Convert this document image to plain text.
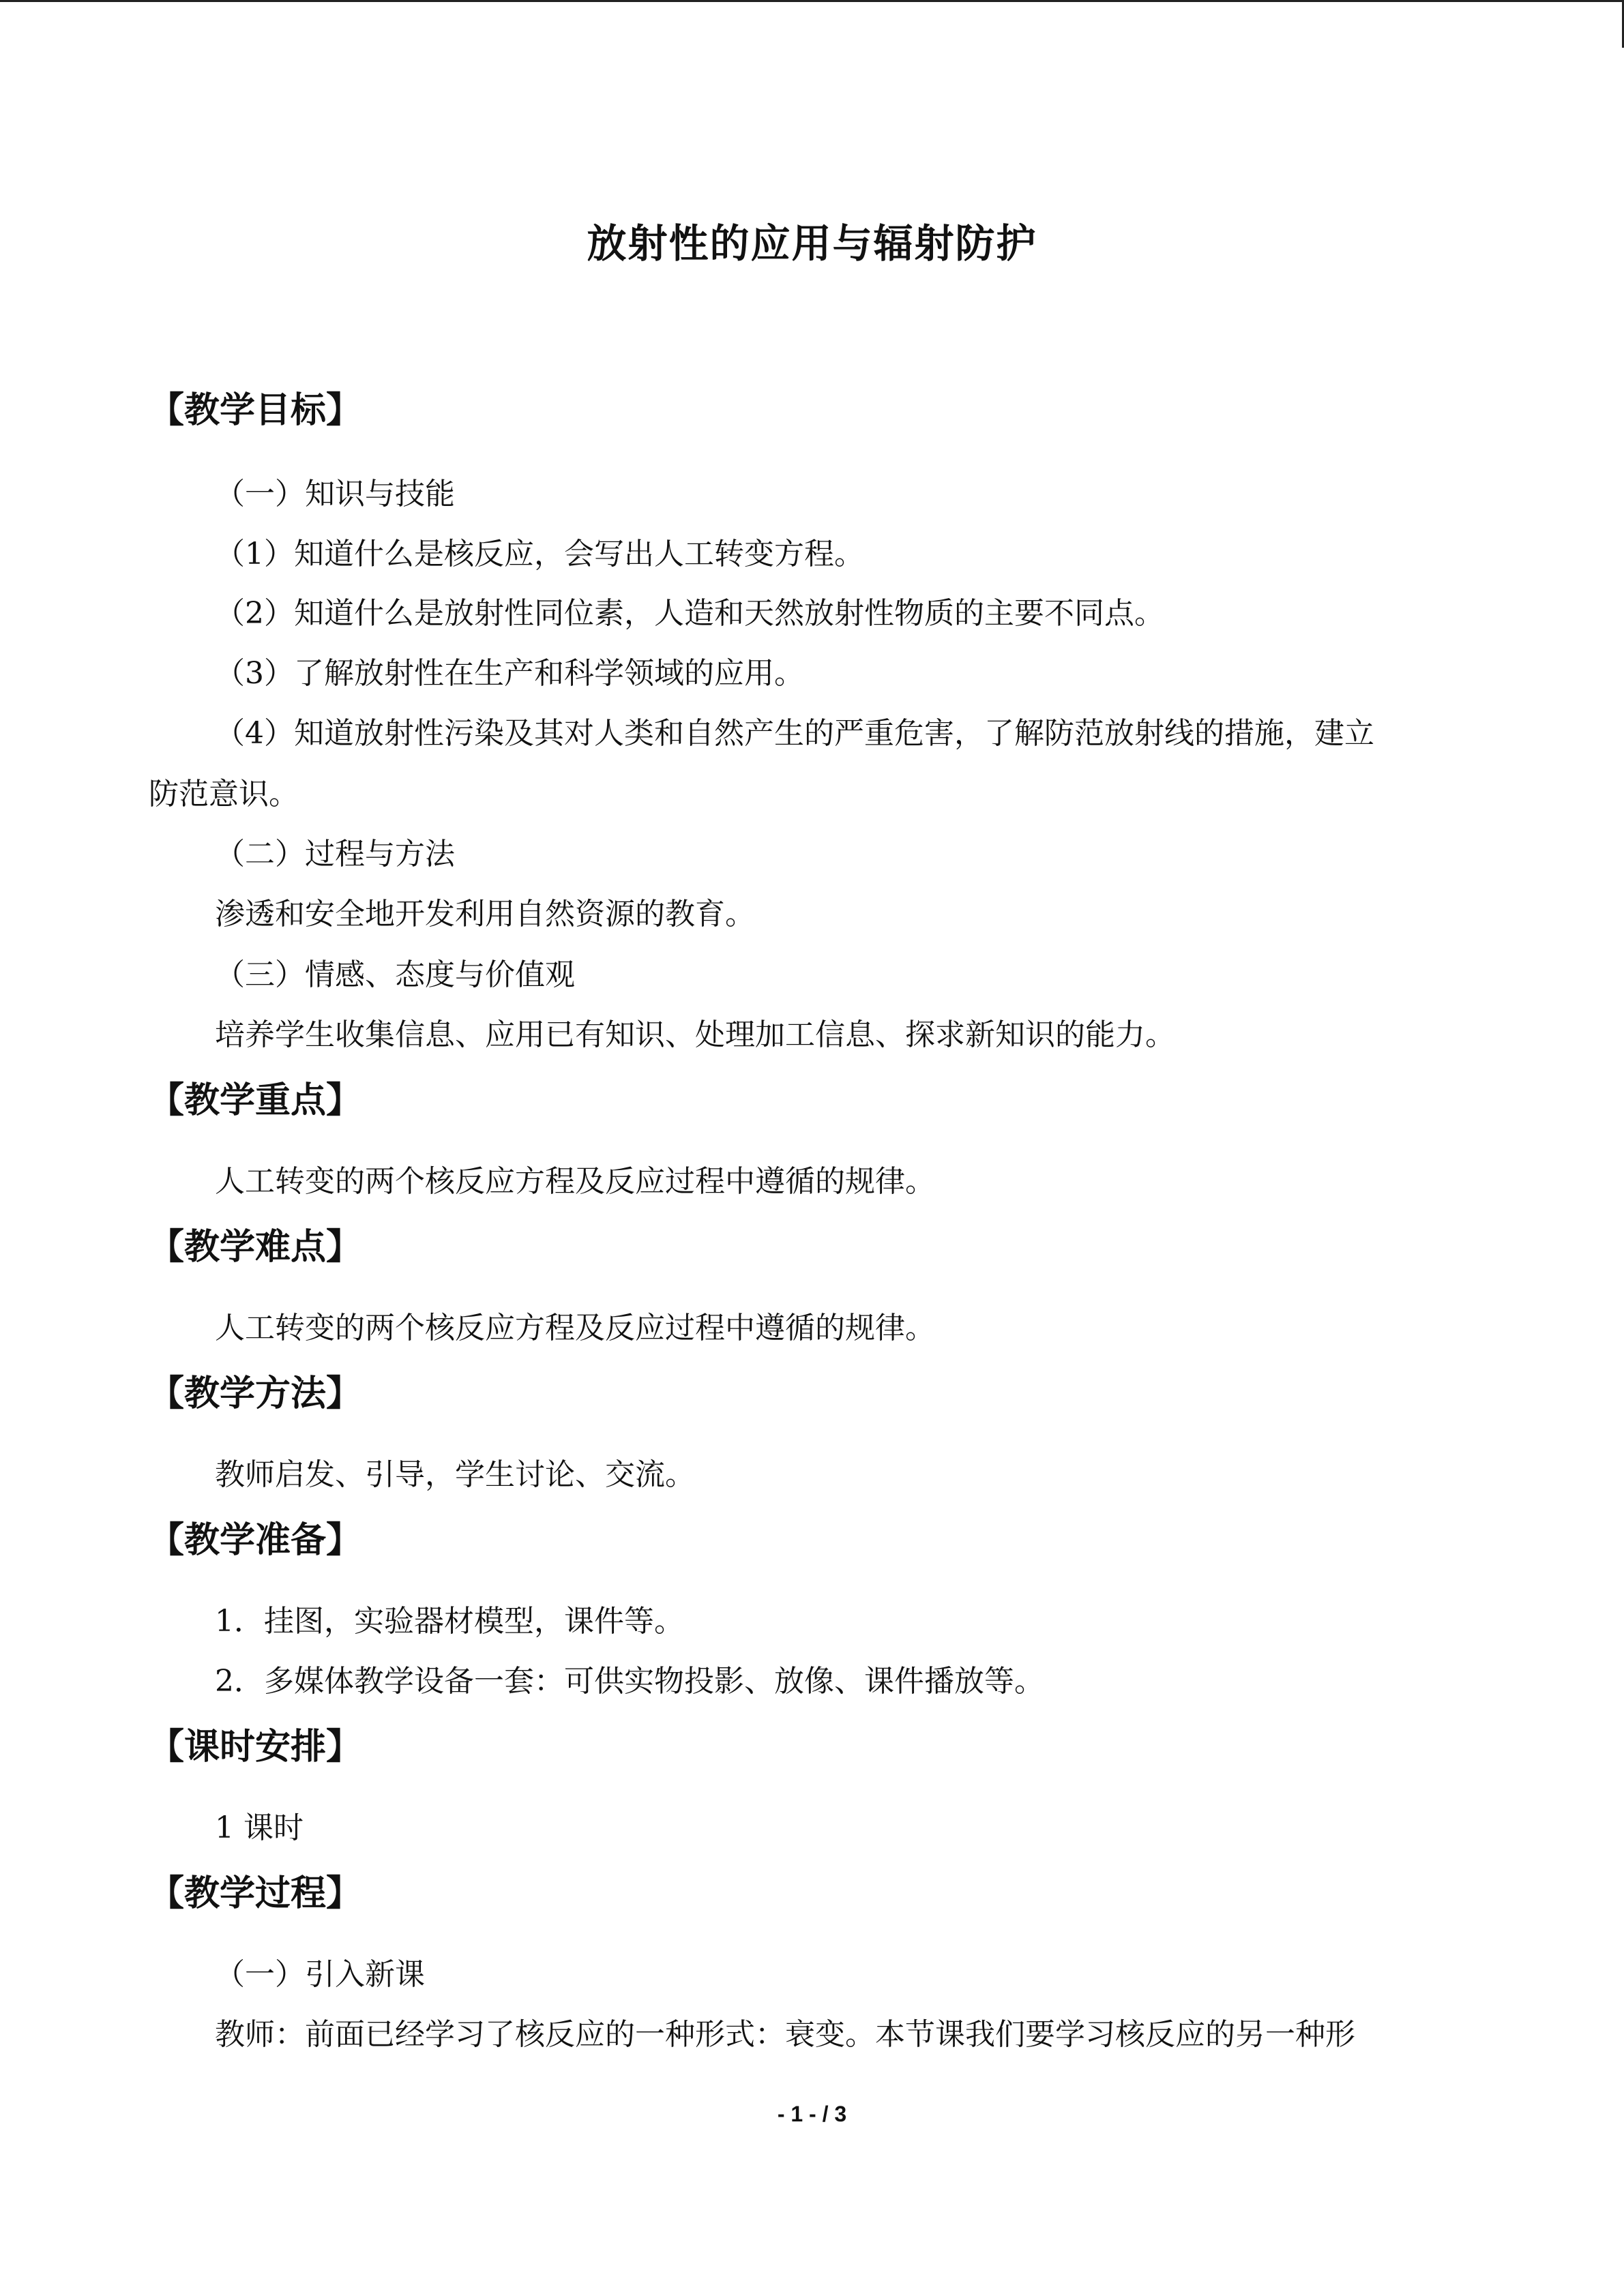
放射性的应用与辐射防护
【教学目标】
（一）知识与技能
（1）知道什么是核反应，会写出人工转变方程。
（2）知道什么是放射性同位素，人造和天然放射性物质的主要不同点。
（3）了解放射性在生产和科学领域的应用。
（4）知道放射性污染及其对人类和自然产生的严重危害，了解防范放射线的措施，建立
防范意识。
（二）过程与方法
渗透和安全地开发利用自然资源的教育。
（三）情感、态度与价值观
培养学生收集信息、应用已有知识、处理加工信息、探求新知识的能力。
【教学重点】
人工转变的两个核反应方程及反应过程中遵循的规律。
【教学难点】
人工转变的两个核反应方程及反应过程中遵循的规律。
【教学方法】
教师启发、引导，学生讨论、交流。
【教学准备】
1．挂图，实验器材模型，课件等。
2．多媒体教学设备一套：可供实物投影、放像、课件播放等。
【课时安排】
1 课时
【教学过程】
（一）引入新课
教师：前面已经学习了核反应的一种形式：衰变。本节课我们要学习核反应的另一种形
- 1 - / 3
